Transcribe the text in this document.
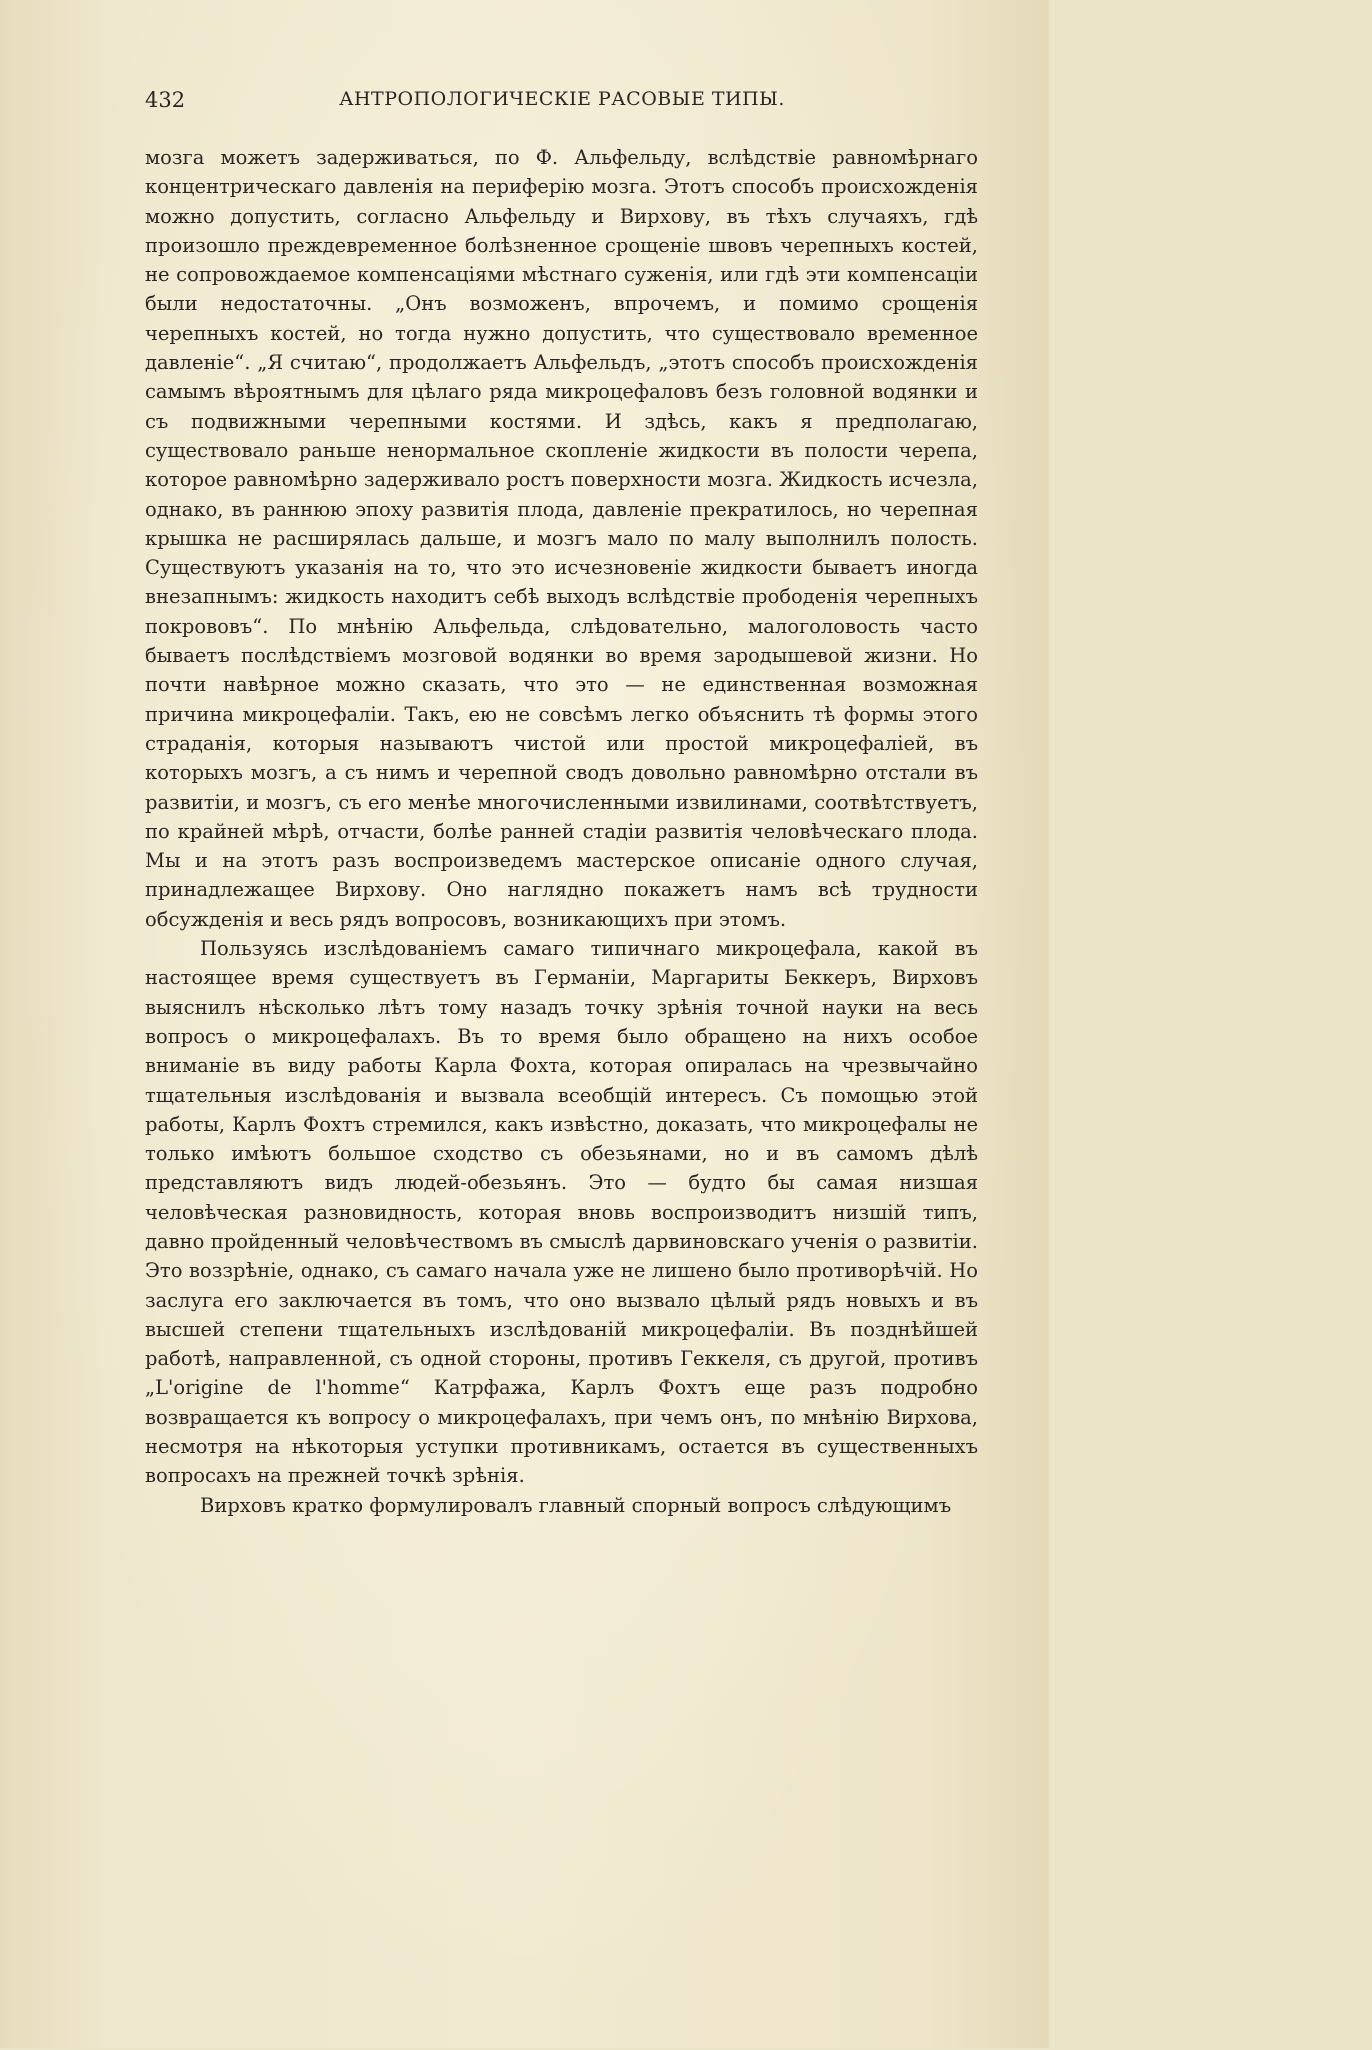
432	АНТРОПОЛОГИЧЕСКІЕ РАСОВЫЕ ТИПЫ.

мозга можетъ задерживаться, по Ф. Альфельду, вслѣдствіе равномѣрнаго концентрическаго давленія на периферію мозга. Этотъ способъ происхожденія можно допустить, согласно Альфельду и Вирхову, въ тѣхъ случаяхъ, гдѣ произошло преждевременное болѣзненное срощеніе швовъ черепныхъ костей, не сопровождаемое компенсаціями мѣстнаго суженія, или гдѣ эти компенсаціи были недостаточны. „Онъ возможенъ, впрочемъ, и помимо срощенія черепныхъ костей, но тогда нужно допустить, что существовало временное давленіе“. „Я считаю“, продолжаетъ Альфельдъ, „этотъ способъ происхожденія самымъ вѣроятнымъ для цѣлаго ряда микроцефаловъ безъ головной водянки и съ подвижными черепными костями. И здѣсь, какъ я предполагаю, существовало раньше ненормальное скопленіе жидкости въ полости черепа, которое равномѣрно задерживало ростъ поверхности мозга. Жидкость исчезла, однако, въ раннюю эпоху развитія плода, давленіе прекратилось, но черепная крышка не расширялась дальше, и мозгъ мало по малу выполнилъ полость. Существуютъ указанія на то, что это исчезновеніе жидкости бываетъ иногда внезапнымъ: жидкость находитъ себѣ выходъ вслѣдствіе прободенія черепныхъ покрововъ“. По мнѣнію Альфельда, слѣдовательно, малоголовость часто бываетъ послѣдствіемъ мозговой водянки во время зародышевой жизни. Но почти навѣрное можно сказать, что это — не единственная возможная причина микроцефаліи. Такъ, ею не совсѣмъ легко объяснить тѣ формы этого страданія, которыя называютъ чистой или простой микроцефаліей, въ которыхъ мозгъ, а съ нимъ и черепной сводъ довольно равномѣрно отстали въ развитіи, и мозгъ, съ его менѣе многочисленными извилинами, соотвѣтствуетъ, по крайней мѣрѣ, отчасти, болѣе ранней стадіи развитія человѣческаго плода. Мы и на этотъ разъ воспроизведемъ мастерское описаніе одного случая, принадлежащее Вирхову. Оно наглядно покажетъ намъ всѣ трудности обсужденія и весь рядъ вопросовъ, возникающихъ при этомъ.

Пользуясь изслѣдованіемъ самаго типичнаго микроцефала, какой въ настоящее время существуетъ въ Германіи, Маргариты Беккеръ, Вирховъ выяснилъ нѣсколько лѣтъ тому назадъ точку зрѣнія точной науки на весь вопросъ о микроцефалахъ. Въ то время было обращено на нихъ особое вниманіе въ виду работы Карла Фохта, которая опиралась на чрезвычайно тщательныя изслѣдованія и вызвала всеобщій интересъ. Съ помощью этой работы, Карлъ Фохтъ стремился, какъ извѣстно, доказать, что микроцефалы не только имѣютъ большое сходство съ обезьянами, но и въ самомъ дѣлѣ представляютъ видъ людей-обезьянъ. Это — будто бы самая низшая человѣческая разновидность, которая вновь воспроизводитъ низшій типъ, давно пройденный человѣчествомъ въ смыслѣ дарвиновскаго ученія о развитіи. Это воззрѣніе, однако, съ самаго начала уже не лишено было противорѣчій. Но заслуга его заключается въ томъ, что оно вызвало цѣлый рядъ новыхъ и въ высшей степени тщательныхъ изслѣдованій микроцефаліи. Въ позднѣйшей работѣ, направленной, съ одной стороны, противъ Геккеля, съ другой, противъ „L'origine de l'homme“ Катрфажа, Карлъ Фохтъ еще разъ подробно возвращается къ вопросу о микроцефалахъ, при чемъ онъ, по мнѣнію Вирхова, несмотря на нѣкоторыя уступки противникамъ, остается въ существенныхъ вопросахъ на прежней точкѣ зрѣнія.

Вирховъ кратко формулировалъ главный спорный вопросъ слѣдующимъ
